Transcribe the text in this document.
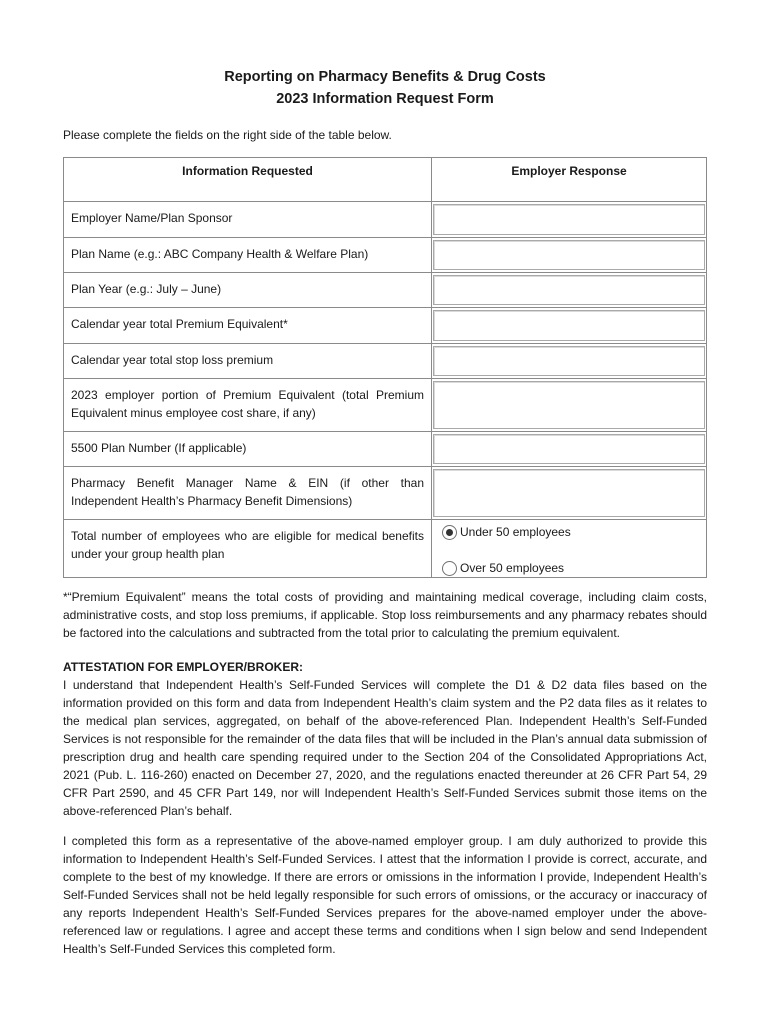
Reporting on Pharmacy Benefits & Drug Costs
2023 Information Request Form
Please complete the fields on the right side of the table below.
Information Requested	Employer Response

Employer Name/Plan Sponsor	

Plan Name (e.g.: ABC Company Health & Welfare Plan)	

Plan Year (e.g.: July – June)	

Calendar year total Premium Equivalent*	

Calendar year total stop loss premium	

2023 employer portion of Premium Equivalent (total Premium Equivalent minus employee cost share, if any)	

5500 Plan Number (If applicable)	

Pharmacy Benefit Manager Name & EIN (if other than Independent Health’s Pharmacy Benefit Dimensions)	

Total number of employees who are eligible for medical benefits under your group health plan	Under 50 employees
Over 50 employees
*“Premium Equivalent” means the total costs of providing and maintaining medical coverage, including claim costs, administrative costs, and stop loss premiums, if applicable. Stop loss reimbursements and any pharmacy rebates should be factored into the calculations and subtracted from the total prior to calculating the premium equivalent.
ATTESTATION FOR EMPLOYER/BROKER:
I understand that Independent Health’s Self-Funded Services will complete the D1 & D2 data files based on the information provided on this form and data from Independent Health’s claim system and the P2 data files as it relates to the medical plan services, aggregated, on behalf of the above-referenced Plan. Independent Health’s Self-Funded Services is not responsible for the remainder of the data files that will be included in the Plan’s annual data submission of prescription drug and health care spending required under to the Section 204 of the Consolidated Appropriations Act, 2021 (Pub. L. 116-260) enacted on December 27, 2020, and the regulations enacted thereunder at 26 CFR Part 54, 29 CFR Part 2590, and 45 CFR Part 149, nor will Independent Health’s Self-Funded Services submit those items on the above-referenced Plan’s behalf.
I completed this form as a representative of the above-named employer group. I am duly authorized to provide this information to Independent Health’s Self-Funded Services. I attest that the information I provide is correct, accurate, and complete to the best of my knowledge. If there are errors or omissions in the information I provide, Independent Health’s Self-Funded Services shall not be held legally responsible for such errors of omissions, or the accuracy or inaccuracy of any reports Independent Health’s Self-Funded Services prepares for the above-named employer under the above-referenced law or regulations. I agree and accept these terms and conditions when I sign below and send Independent Health’s Self-Funded Services this completed form.
